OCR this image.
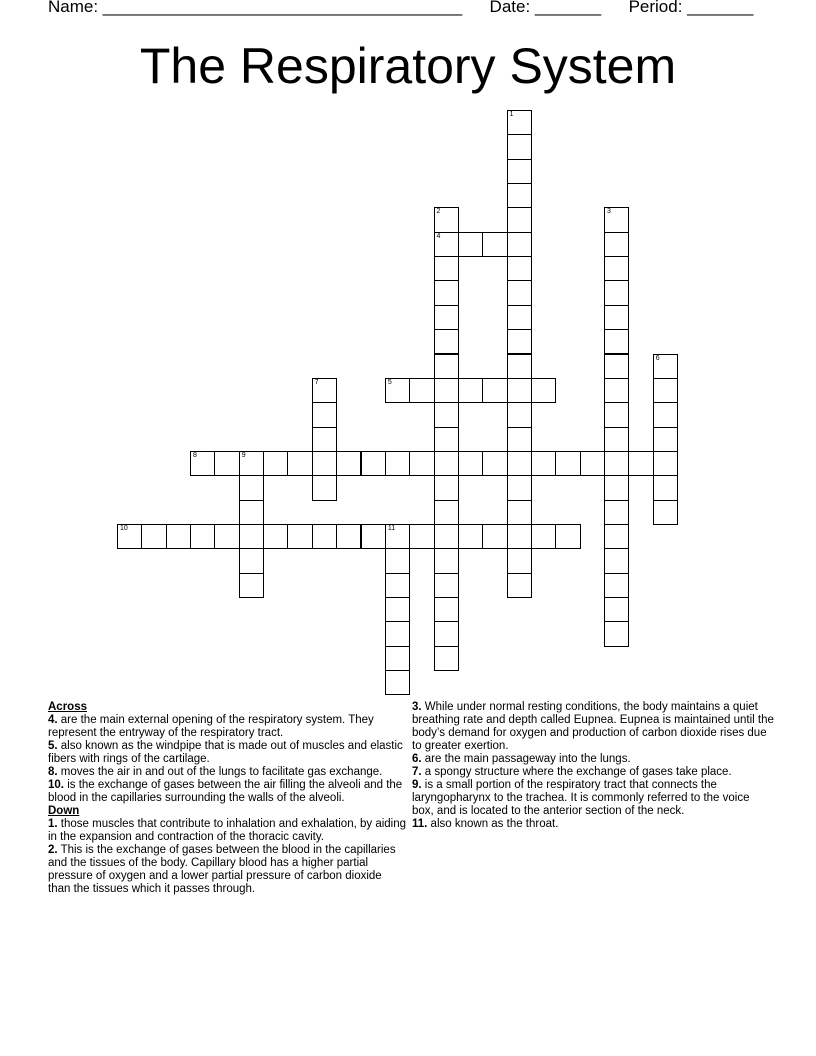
Name: ______________________________________ Date: _______ Period: _______
The Respiratory System
4
5
8	9
10	11
1
2	3
6
7
Across
4. are the main external opening of the respiratory system. They represent the entryway of the respiratory tract.
5. also known as the windpipe that is made out of muscles and elastic fibers with rings of the cartilage.
8. moves the air in and out of the lungs to facilitate gas exchange.
10. is the exchange of gases between the air filling the alveoli and the blood in the capillaries surrounding the walls of the alveoli.
Down
1. those muscles that contribute to inhalation and exhalation, by aiding in the expansion and contraction of the thoracic cavity.
2. This is the exchange of gases between the blood in the capillaries and the tissues of the body. Capillary blood has a higher partial pressure of oxygen and a lower partial pressure of carbon dioxide than the tissues which it passes through.
3. While under normal resting conditions, the body maintains a quiet breathing rate and depth called Eupnea. Eupnea is maintained until the body’s demand for oxygen and production of carbon dioxide rises due to greater exertion.
6. are the main passageway into the lungs.
7. a spongy structure where the exchange of gases take place.
9. is a small portion of the respiratory tract that connects the laryngopharynx to the trachea. It is commonly referred to the voice box, and is located to the anterior section of the neck.
11. also known as the throat.
